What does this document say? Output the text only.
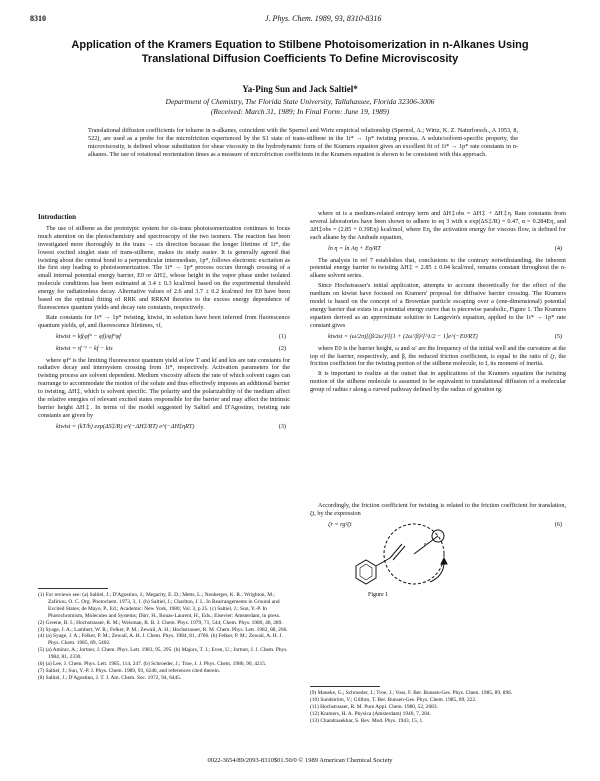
8310	J. Phys. Chem. 1989, 93, 8310-8316
Application of the Kramers Equation to Stilbene Photoisomerization in n-Alkanes Using Translational Diffusion Coefficients To Define Microviscosity
Ya-Ping Sun and Jack Saltiel*
Department of Chemistry, The Florida State University, Tallahassee, Florida 32306-3006
(Received: March 31, 1989; In Final Form: June 19, 1989)
Translational diffusion coefficients for toluene in n-alkanes, coincident with the Spernol and Wirtz empirical relationship (Spernol, A.; Wirtz, K. Z. Naturforsch., A 1953, 8, 522), are used as a probe for the microfriction experienced by the S1 state of trans-stilbene in the 1t* → 1p* twisting process. A solute/solvent-specific property, the microviscosity, is defined whose substitution for shear viscosity in the hydrodynamic form of the Kramers equation gives an excellent fit of 1t* → 1p* rate constants in n-alkanes. The use of rotational reorientation times as a measure of microfriction coefficients in the Kramers equation is shown to be consistent with this approach.
Introduction

The use of stilbene as the prototypic system for cis-trans photoisomerization continues to focus much attention on the photochemistry and spectroscopy of the two isomers. The reaction has been investigated more thoroughly in the trans → cis direction because the longer lifetime of 1t*, the lowest excited singlet state of trans-stilbene, makes its study easier. It is generally agreed that twisting about the central bond to a perpendicular intermediate, 1p*, follows electronic excitation as the first step leading to photoisomerization. The 1t* → 1p* process occurs through crossing of a small internal potential energy barrier, E0 or ΔH‡, whose height in the vapor phase under isolated molecule conditions has been estimated at 3.4 ± 0.3 kcal/mol based on the experimental threshold energy for radiationless decay. Alternative values of 2.6 and 3.7 ± 0.2 kcal/mol for E0 have been based on the optimal fitting of RRK and RRKM theories to the excess energy dependence of fluorescence quantum yields and decay rate constants, respectively.

Rate constants for 1t* → 1p* twisting, ktwist, in solution have been inferred from fluorescence quantum yields, φf, and fluorescence lifetimes, τf,

ktwist = kf(φf° − φf)/φf°φf	(1)
ktwist = τf⁻¹ − kf − kis	(2)

where φf° is the limiting fluorescence quantum yield at low T and kf and kis are rate constants for radiative decay and intersystem crossing from 1t*, respectively. Activation parameters for the twisting process are solvent dependent. Medium viscosity affects the rate of which solvent cages can rearrange to accommodate the motion of the solute and thus effectively imposes an additional barrier to twisting, ΔH‡, which is solvent specific. The polarity and the polarizability of the medium affect the relative energies of relevant excited states responsible for the barrier and may affect the intrinsic barrier height ΔH‡. In terms of the model suggested by Saltiel and D'Agostino, twisting rate constants are given by

ktwist = (kT/h) exp(ΔS‡/R) e^(−ΔH‡/RT) e^(−ΔH‡ηRT)	(3)

where αt is a medium-related entropy term and ΔH‡obs = ΔH‡ + ΔH‡η. Rate constants from several laboratories have been shown to adhere to eq 3 with κ exp(ΔS‡/R) = 0.47, α = 0.284Eη, and ΔH‡obs = (2.85 + 0.39Eη) kcal/mol, where Eη, the activation energy for viscous flow, is defined for each alkane by the Andrade equation,

ln η = ln Aη + Eη/RT	(4)

The analysis in ref 7 establishes that, conclusions to the contrary notwithstanding, the inherent potential energy barrier to twisting ΔH‡ = 2.85 ± 0.04 kcal/mol, remains constant throughout the n-alkane solvent series.

Since Hochstrasser's initial application, attempts to account theoretically for the effect of the medium on ktwist have focused on Kramers' proposal for diffusive barrier crossing. The Kramers model is based on the concept of a Brownian particle escaping over a (one-dimensional) potential energy barrier that exists in a potential energy curve that is piecewise parabolic, Figure 1. The Kramers equation derived as an approximate solution to Langevin's equation, applied to the 1t* → 1p* rate constant gives

ktwist = (ω/2π)[(β/2ω′)²[(1 + (2ω′/β)²]^1/2 − 1]e^(−E0/RT)	(5)

where E0 is the barrier height, ω and ω′ are the frequency of the initial well and the curvature at the top of the barrier, respectively, and β, the reduced friction coefficient, is equal to the ratio of ζr, the friction coefficient for the twisting portion of the stilbene molecule, to I, its moment of inertia.

It is important to realize at the outset that in applications of the Kramers equation the twisting motion of the stilbene molecule is assumed to be equivalent to translational diffusion of a molecular group of radius r along a curved pathway defined by the radius of gyration rg.

Accordingly, the friction coefficient for twisting is related to the friction coefficient for translation, ζt, by the expression

ζr = rg²ζt	(6)
r
Figure 1
(1) For reviews see: (a) Saltiel, J.; D'Agostino, J.; Megarity, E. D.; Metts, L.; Neuberger, K. R.; Wrighton, M.; Zafiriou, O. C. Org. Photochem. 1973, 3, 1. (b) Saltiel, J.; Charlton, J. L. In Rearrangements in Ground and Excited States; de Mayo, P., Ed.; Academic: New York, 1980; Vol. 3, p 25. (c) Saltiel, J.; Sun, Y.-P. In Photochromism, Molecules and Systems; Dürr, H., Bouas-Laurent, H., Eds.; Elsevier: Amsterdam, in press.
(2) Greene, B. I.; Hochstrasser, R. M.; Weisman, R. B. J. Chem. Phys. 1979, 71, 544; Chem. Phys. 1980, 48, 289.
(3) Syage, J. A.; Lambert, W. R.; Felker, P. M.; Zewail, A. H.; Hochstrasser, R. M. Chem. Phys. Lett. 1982, 88, 266.
(4) (a) Syage, J. A.; Felker, P. M.; Zewail, A. H. J. Chem. Phys. 1984, 81, 4706. (b) Felker, P. M.; Zewail, A. H. J. Phys. Chem. 1985, 89, 5402.
(5) (a) Amirav, A.; Jortner, J. Chem. Phys. Lett. 1983, 95, 295. (b) Majors, T. J.; Even, U.; Jortner, J. J. Chem. Phys. 1984, 81, 2330.
(6) (a) Lee, J. Chem. Phys. Lett. 1985, 114, 247. (b) Schroeder, J.; Troe, J. J. Phys. Chem. 1986, 90, 4215.
(7) Saltiel, J.; Sun, Y.-P. J. Phys. Chem. 1989, 93, 6246, and references cited therein.
(8) Saltiel, J.; D'Agostino, J. T. J. Am. Chem. Soc. 1972, 94, 6445.
(9) Maneke, G.; Schroeder, J.; Troe, J.; Voss, F. Ber. Bunsen-Ges. Phys. Chem. 1985, 89, 896.
(10) Sundström, V.; Gillbro, T. Ber. Bunsen-Ges. Phys. Chem. 1985, 89, 222.
(11) Hochstrasser, R. M. Pure Appl. Chem. 1980, 52, 2683.
(12) Kramers, H. A. Physica (Amsterdam) 1940, 7, 284.
(13) Chandrasekhar, S. Rev. Mod. Phys. 1943, 15, 1.
0022-3654/89/2093-8310$01.50/0 © 1989 American Chemical Society
